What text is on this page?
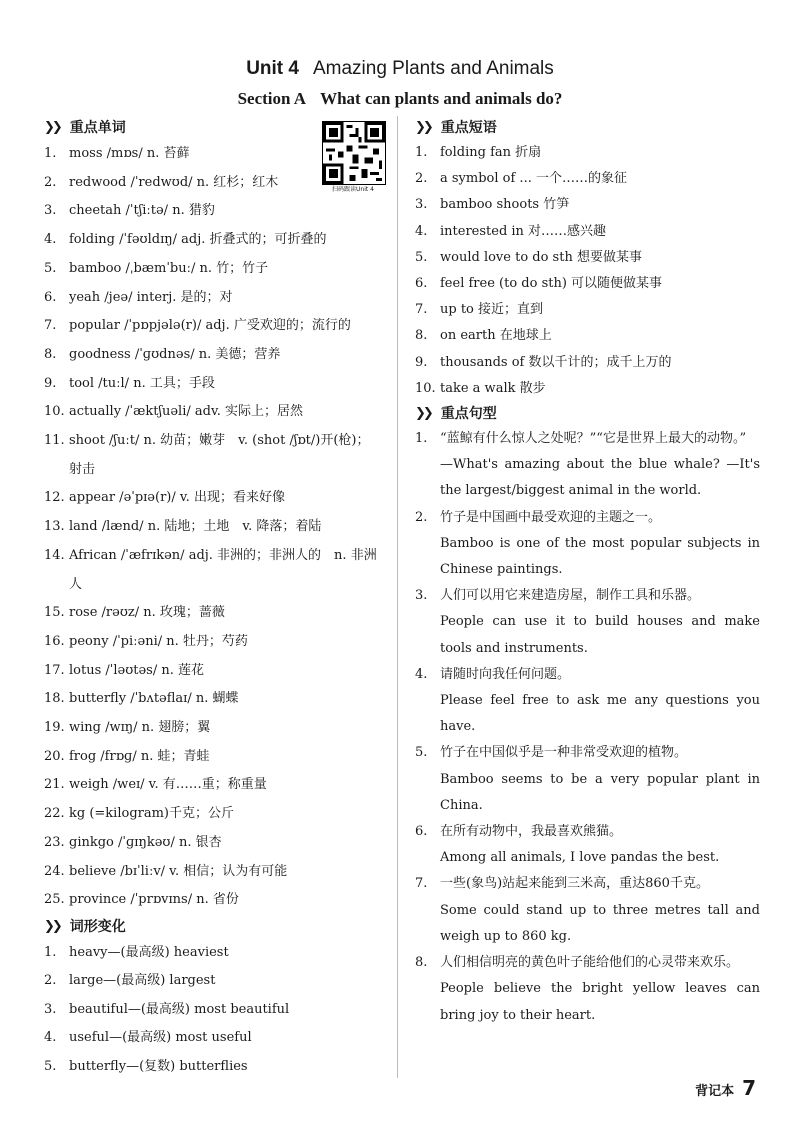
Unit 4 Amazing Plants and Animals
Section A What can plants and animals do?
扫码跟读Unit 4
❯❯ 重点单词
1. moss /mɒs/ n. 苔藓
2. redwood /ˈredwʊd/ n. 红杉；红木
3. cheetah /ˈtʃiːtə/ n. 猎豹
4. folding /ˈfəʊldɪŋ/ adj. 折叠式的；可折叠的
5. bamboo /ˌbæmˈbuː/ n. 竹；竹子
6. yeah /jeə/ interj. 是的；对
7. popular /ˈpɒpjələ(r)/ adj. 广受欢迎的；流行的
8. goodness /ˈɡʊdnəs/ n. 美德；营养
9. tool /tuːl/ n. 工具；手段
10. actually /ˈæktʃuəli/ adv. 实际上；居然
11. shoot /ʃuːt/ n. 幼苗；嫩芽　v. (shot /ʃɒt/)开(枪)；射击
12. appear /əˈpɪə(r)/ v. 出现；看来好像
13. land /lænd/ n. 陆地；土地　v. 降落；着陆
14. African /ˈæfrɪkən/ adj. 非洲的；非洲人的　n. 非洲人
15. rose /rəʊz/ n. 玫瑰；蔷薇
16. peony /ˈpiːəni/ n. 牡丹；芍药
17. lotus /ˈləʊtəs/ n. 莲花
18. butterfly /ˈbʌtəflaɪ/ n. 蝴蝶
19. wing /wɪŋ/ n. 翅膀；翼
20. frog /frɒɡ/ n. 蛙；青蛙
21. weigh /weɪ/ v. 有……重；称重量
22. kg (=kilogram)千克；公斤
23. ginkgo /ˈɡɪŋkəʊ/ n. 银杏
24. believe /bɪˈliːv/ v. 相信；认为有可能
25. province /ˈprɒvɪns/ n. 省份
❯❯ 词形变化
1. heavy—(最高级) heaviest
2. large—(最高级) largest
3. beautiful—(最高级) most beautiful
4. useful—(最高级) most useful
5. butterfly—(复数) butterflies
❯❯ 重点短语
1. folding fan 折扇
2. a symbol of ... 一个……的象征
3. bamboo shoots 竹笋
4. interested in 对……感兴趣
5. would love to do sth 想要做某事
6. feel free (to do sth) 可以随便做某事
7. up to 接近；直到
8. on earth 在地球上
9. thousands of 数以千计的；成千上万的
10. take a walk 散步
❯❯ 重点句型
1. “蓝鲸有什么惊人之处呢？”“它是世界上最大的动物。”
—What's amazing about the blue whale? —It's the largest/biggest animal in the world.
2. 竹子是中国画中最受欢迎的主题之一。
Bamboo is one of the most popular subjects in Chinese paintings.
3. 人们可以用它来建造房屋，制作工具和乐器。
People can use it to build houses and make tools and instruments.
4. 请随时向我任何问题。
Please feel free to ask me any questions you have.
5. 竹子在中国似乎是一种非常受欢迎的植物。
Bamboo seems to be a very popular plant in China.
6. 在所有动物中，我最喜欢熊猫。
Among all animals, I love pandas the best.
7. 一些(象鸟)站起来能到三米高，重达860千克。
Some could stand up to three metres tall and weigh up to 860 kg.
8. 人们相信明亮的黄色叶子能给他们的心灵带来欢乐。
People believe the bright yellow leaves can bring joy to their heart.
背记本 7
